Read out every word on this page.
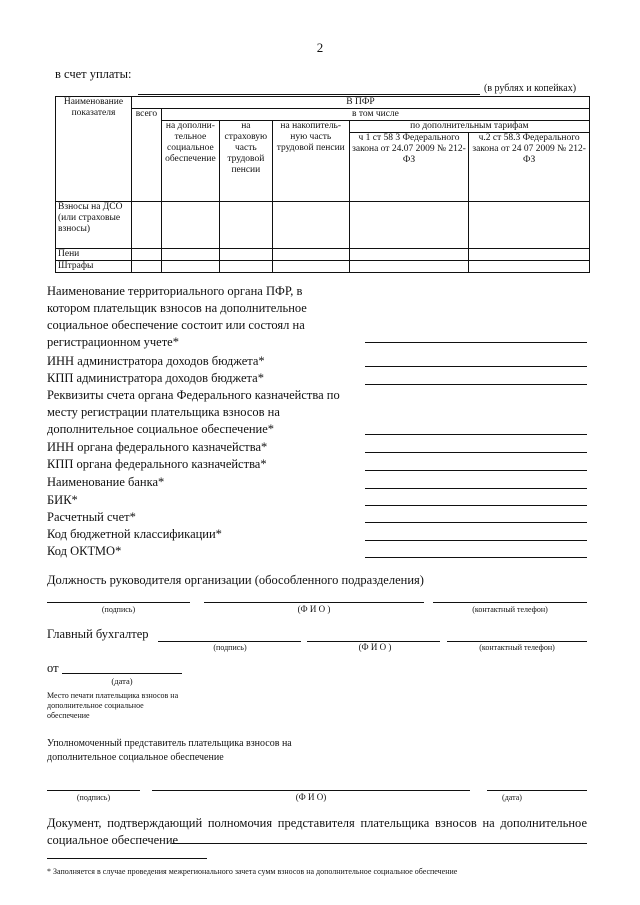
2
в счет уплаты:
(в рублях и копейках)
Наименование показателя	В ПФР					
	всего	в том числе				
		на дополни-тельное социальное обеспечение	на страховую часть трудовой пенсии	на накопитель-ную часть трудовой пенсии	по дополнительным тарифам	
					ч 1 ст 58 3 Федерального закона от 24.07 2009 № 212-ФЗ	ч.2 ст 58.3 Федерального закона от 24 07 2009 № 212-ФЗ
Взносы на ДСО (или страховые взносы)						
Пени						
Штрафы						
Наименование территориального органа ПФР, в котором плательщик взносов на дополнительное социальное обеспечение состоит или состоял на регистрационном учете*
ИНН администратора доходов бюджета*
КПП администратора доходов бюджета*
Реквизиты счета органа Федерального казначейства по месту регистрации плательщика взносов на дополнительное социальное обеспечение*
ИНН органа федерального казначейства*
КПП органа федерального казначейства*
Наименование банка*
БИК*
Расчетный счет*
Код бюджетной классификации*
Код ОКТМО*
Должность руководителя организации (обособленного подразделения)
(подпись)	(Ф И О )	(контактный телефон)
Главный бухгалтер
(подпись)	(Ф И О )	(контактный телефон)
от
(дата)
Место печати плательщика взносов на дополнительное социальное обеспечение
Уполномоченный представитель плательщика взносов на дополнительное социальное обеспечение
(подпись)	(Ф И О)	(дата)
Документ, подтверждающий полномочия представителя плательщика взносов на дополнительное социальное обеспечение
* Заполняется в случае проведения межрегионального зачета сумм взносов на дополнительное социальное обеспечение
